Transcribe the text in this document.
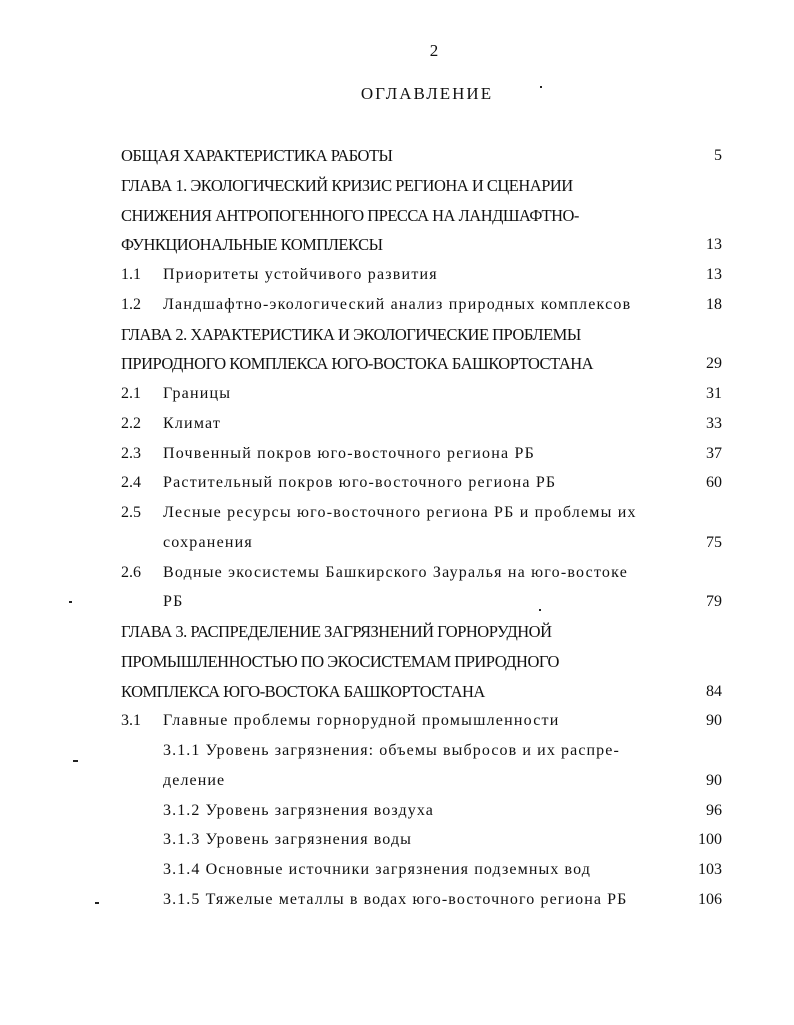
2
ОГЛАВЛЕНИЕ
ОБЩАЯ ХАРАКТЕРИСТИКА РАБОТЫ	5
ГЛАВА 1. ЭКОЛОГИЧЕСКИЙ КРИЗИС РЕГИОНА И СЦЕНАРИИ
СНИЖЕНИЯ АНТРОПОГЕННОГО ПРЕССА НА ЛАНДШАФТНО-
ФУНКЦИОНАЛЬНЫЕ КОМПЛЕКСЫ	13
1.1	Приоритеты устойчивого развития	13
1.2	Ландшафтно-экологический анализ природных комплексов	18
ГЛАВА 2. ХАРАКТЕРИСТИКА И ЭКОЛОГИЧЕСКИЕ ПРОБЛЕМЫ
ПРИРОДНОГО КОМПЛЕКСА ЮГО-ВОСТОКА БАШКОРТОСТАНА	29
2.1	Границы	31
2.2	Климат	33
2.3	Почвенный покров юго-восточного региона РБ	37
2.4	Растительный покров юго-восточного региона РБ	60
2.5	Лесные ресурсы юго-восточного региона РБ и проблемы их
сохранения	75
2.6	Водные экосистемы Башкирского Зауралья на юго-востоке
РБ	79
ГЛАВА 3. РАСПРЕДЕЛЕНИЕ ЗАГРЯЗНЕНИЙ ГОРНОРУДНОЙ
ПРОМЫШЛЕННОСТЬЮ ПО ЭКОСИСТЕМАМ ПРИРОДНОГО
КОМПЛЕКСА ЮГО-ВОСТОКА БАШКОРТОСТАНА	84
3.1	Главные проблемы горнорудной промышленности	90
3.1.1 Уровень загрязнения: объемы выбросов и их распре-
деление	90
3.1.2 Уровень загрязнения воздуха	96
3.1.3 Уровень загрязнения воды	100
3.1.4 Основные источники загрязнения подземных вод	103
3.1.5 Тяжелые металлы в водах юго-восточного региона РБ	106
